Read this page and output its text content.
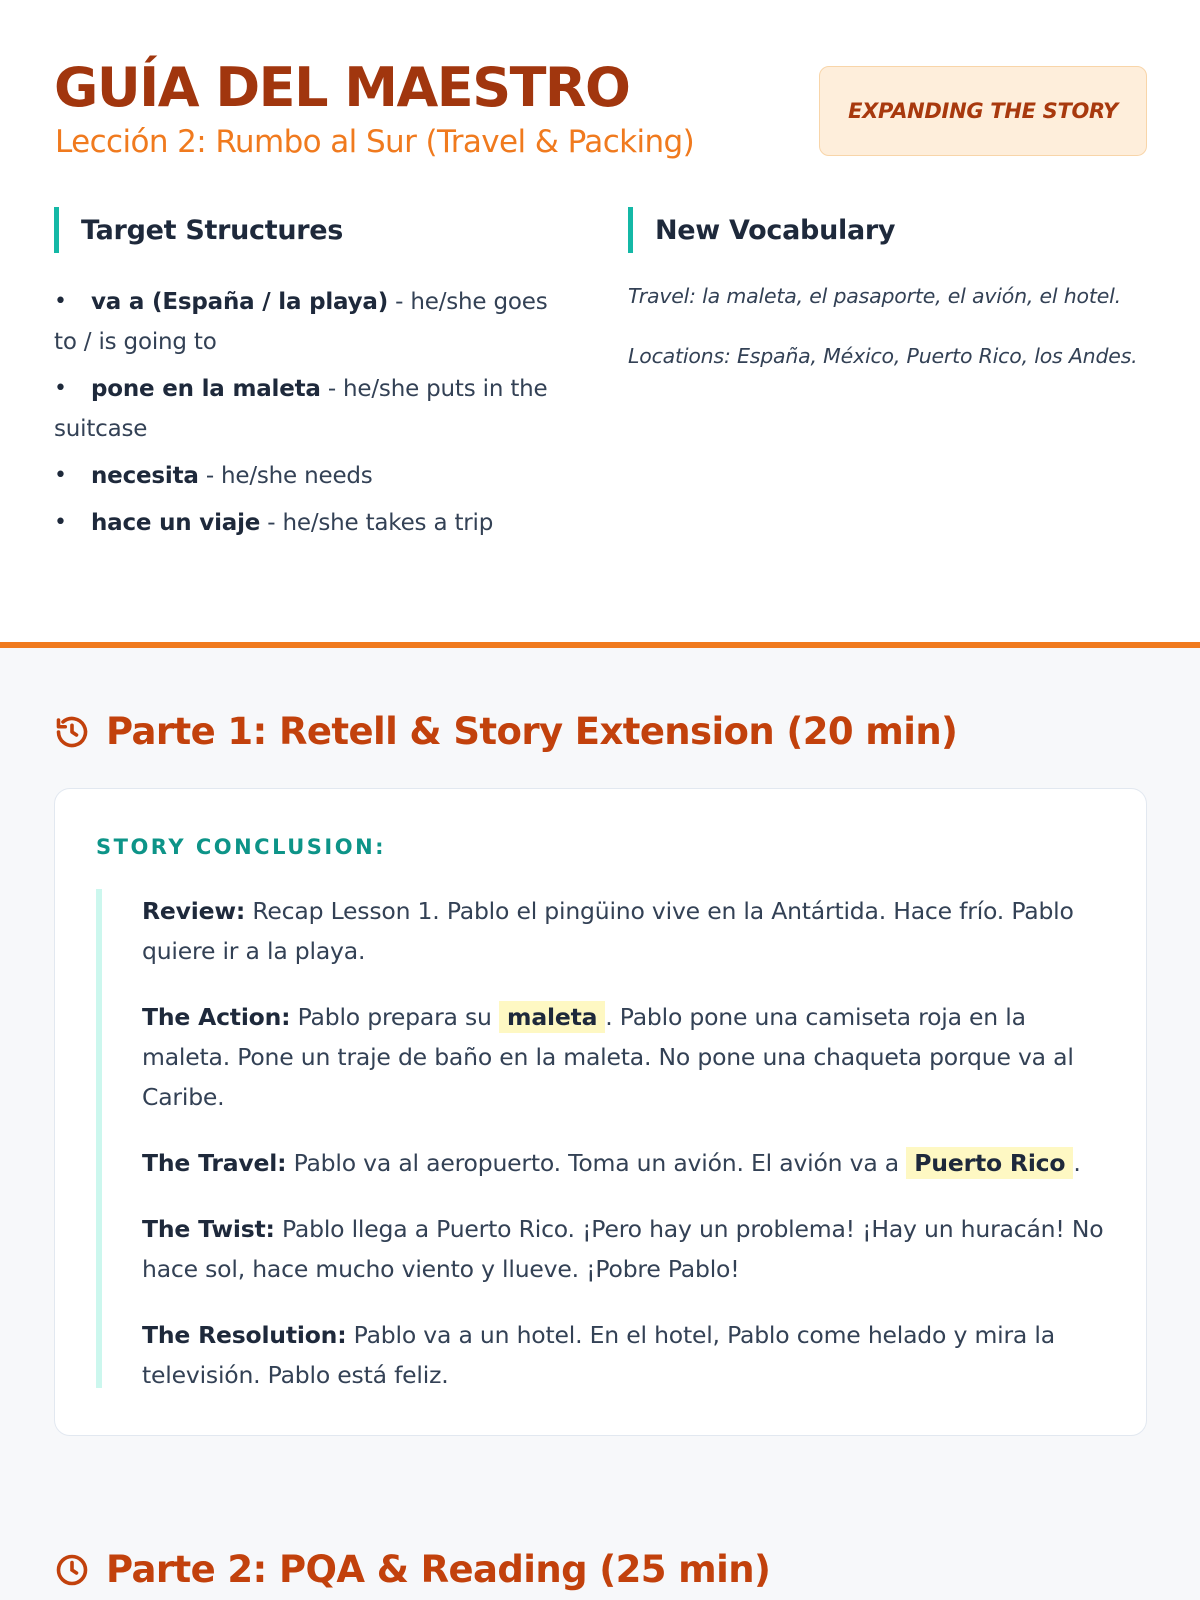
GUÍA DEL MAESTRO
Lección 2: Rumbo al Sur (Travel & Packing)
EXPANDING THE STORY
Target Structures
• va a (España / la playa) - he/she goes
to / is going to
• pone en la maleta - he/she puts in the
suitcase
• necesita - he/she needs
• hace un viaje - he/she takes a trip
New Vocabulary

Travel: la maleta, el pasaporte, el avión, el hotel.

Locations: España, México, Puerto Rico, los Andes.

Parte 1: Retell & Story Extension (20 min)
STORY CONCLUSION:

Review: Recap Lesson 1. Pablo el pingüino vive en la Antártida. Hace frío. Pablo quiere ir a la playa.

The Action: Pablo prepara su maleta . Pablo pone una camiseta roja en la maleta. Pone un traje de baño en la maleta. No pone una chaqueta porque va al Caribe.

The Travel: Pablo va al aeropuerto. Toma un avión. El avión va a Puerto Rico .

The Twist: Pablo llega a Puerto Rico. ¡Pero hay un problema! ¡Hay un huracán! No hace sol, hace mucho viento y llueve. ¡Pobre Pablo!

The Resolution: Pablo va a un hotel. En el hotel, Pablo come helado y mira la televisión. Pablo está feliz.

Parte 2: PQA & Reading (25 min)
